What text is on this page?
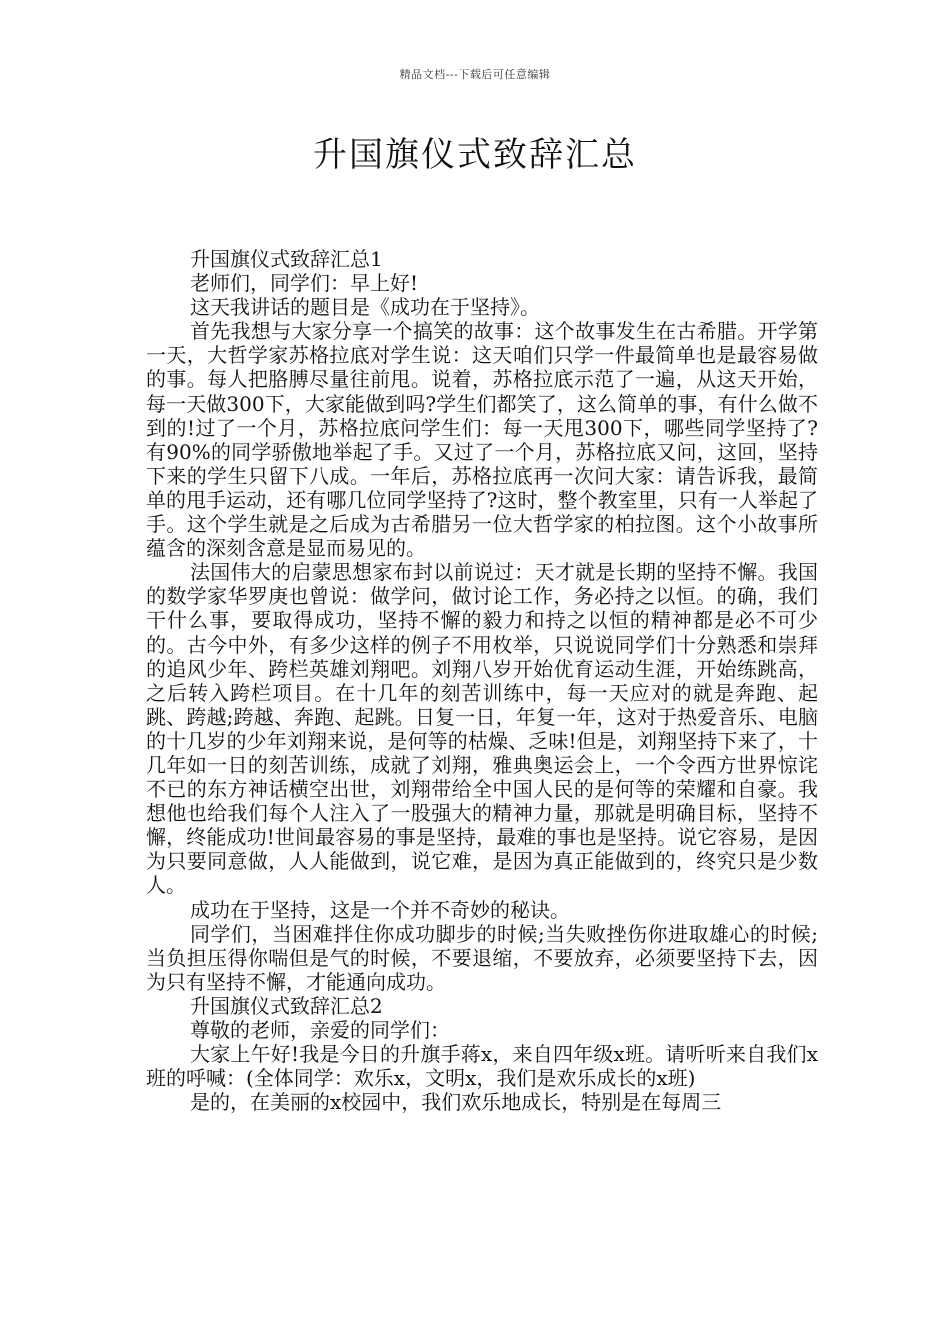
精品文档---下载后可任意编辑
升国旗仪式致辞汇总

升国旗仪式致辞汇总1

老师们，同学们：早上好!

这天我讲话的题目是《成功在于坚持》。

首先我想与大家分享一个搞笑的故事：这个故事发生在古希腊。开学第一天，大哲学家苏格拉底对学生说：这天咱们只学一件最简单也是最容易做的事。每人把胳膊尽量往前甩。说着，苏格拉底示范了一遍，从这天开始，每一天做300下，大家能做到吗?学生们都笑了，这么简单的事，有什么做不到的!过了一个月，苏格拉底问学生们：每一天甩300下，哪些同学坚持了?有90%的同学骄傲地举起了手。又过了一个月，苏格拉底又问，这回，坚持下来的学生只留下八成。一年后，苏格拉底再一次问大家：请告诉我，最简单的甩手运动，还有哪几位同学坚持了?这时，整个教室里，只有一人举起了手。这个学生就是之后成为古希腊另一位大哲学家的柏拉图。这个小故事所蕴含的深刻含意是显而易见的。

法国伟大的启蒙思想家布封以前说过：天才就是长期的坚持不懈。我国的数学家华罗庚也曾说：做学问，做讨论工作，务必持之以恒。的确，我们干什么事，要取得成功，坚持不懈的毅力和持之以恒的精神都是必不可少的。古今中外，有多少这样的例子不用枚举，只说说同学们十分熟悉和崇拜的追风少年、跨栏英雄刘翔吧。刘翔八岁开始优育运动生涯，开始练跳高，之后转入跨栏项目。在十几年的刻苦训练中，每一天应对的就是奔跑、起跳、跨越;跨越、奔跑、起跳。日复一日，年复一年，这对于热爱音乐、电脑的十几岁的少年刘翔来说，是何等的枯燥、乏味!但是，刘翔坚持下来了，十几年如一日的刻苦训练，成就了刘翔，雅典奥运会上，一个令西方世界惊诧不已的东方神话横空出世，刘翔带给全中国人民的是何等的荣耀和自豪。我想他也给我们每个人注入了一股强大的精神力量，那就是明确目标，坚持不懈，终能成功!世间最容易的事是坚持，最难的事也是坚持。说它容易，是因为只要同意做，人人能做到，说它难，是因为真正能做到的，终究只是少数人。

成功在于坚持，这是一个并不奇妙的秘诀。

同学们，当困难拌住你成功脚步的时候;当失败挫伤你进取雄心的时候;当负担压得你喘但是气的时候，不要退缩，不要放弃，必须要坚持下去，因为只有坚持不懈，才能通向成功。

升国旗仪式致辞汇总2

尊敬的老师，亲爱的同学们：

大家上午好!我是今日的升旗手蒋x，来自四年级x班。请听听来自我们x班的呼喊：(全体同学：欢乐x，文明x，我们是欢乐成长的x班)

是的，在美丽的x校园中，我们欢乐地成长，特别是在每周三
